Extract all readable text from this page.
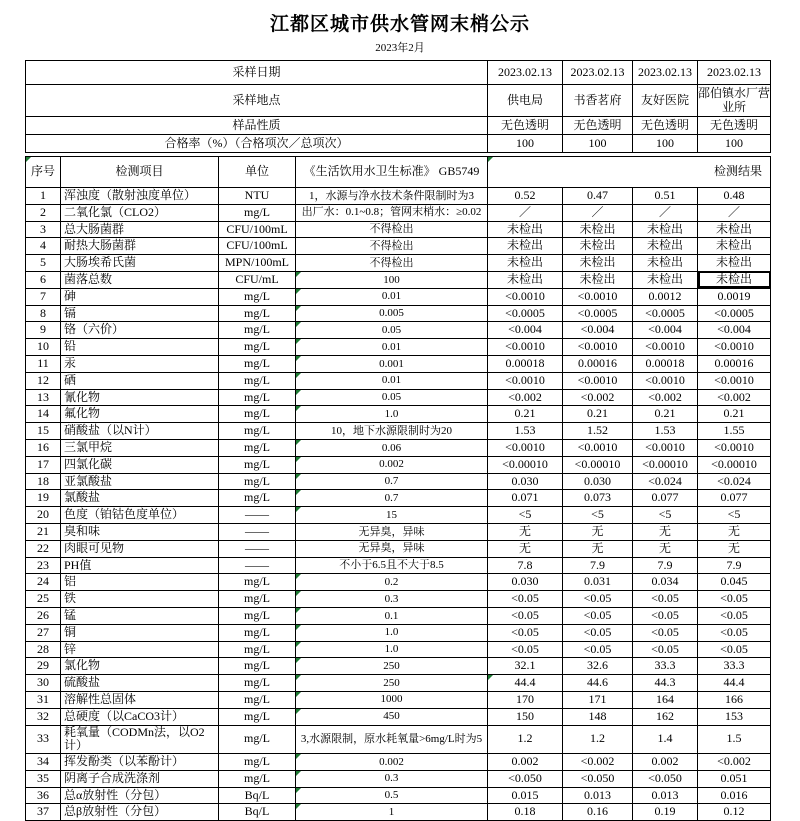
江都区城市供水管网末梢公示
2023年2月
采样日期	2023.02.13	2023.02.13	2023.02.13	2023.02.13
采样地点	供电局	书香茗府	友好医院	邵伯镇水厂营业所
样品性质	无色透明	无色透明	无色透明	无色透明
合格率（%）（合格项次／总项次）	100	100	100	100
序号	检测项目	单位	《生活饮用水卫生标准》 GB5749	检测结果			
1	浑浊度（散射浊度单位）	NTU	1，水源与净水技术条件限制时为3	0.52	0.47	0.51	0.48
2	二氧化氯（CLO2）	mg/L	出厂水：0.1~0.8；管网末梢水：≥0.02	／	／	／	／
3	总大肠菌群	CFU/100mL	不得检出	未检出	未检出	未检出	未检出
4	耐热大肠菌群	CFU/100mL	不得检出	未检出	未检出	未检出	未检出
5	大肠埃希氏菌	MPN/100mL	不得检出	未检出	未检出	未检出	未检出
6	菌落总数	CFU/mL	100	未检出	未检出	未检出	未检出
7	砷	mg/L	0.01	<0.0010	<0.0010	0.0012	0.0019
8	镉	mg/L	0.005	<0.0005	<0.0005	<0.0005	<0.0005
9	铬（六价）	mg/L	0.05	<0.004	<0.004	<0.004	<0.004
10	铅	mg/L	0.01	<0.0010	<0.0010	<0.0010	<0.0010
11	汞	mg/L	0.001	0.00018	0.00016	0.00018	0.00016
12	硒	mg/L	0.01	<0.0010	<0.0010	<0.0010	<0.0010
13	氰化物	mg/L	0.05	<0.002	<0.002	<0.002	<0.002
14	氟化物	mg/L	1.0	0.21	0.21	0.21	0.21
15	硝酸盐（以N计）	mg/L	10，地下水源限制时为20	1.53	1.52	1.53	1.55
16	三氯甲烷	mg/L	0.06	<0.0010	<0.0010	<0.0010	<0.0010
17	四氯化碳	mg/L	0.002	<0.00010	<0.00010	<0.00010	<0.00010
18	亚氯酸盐	mg/L	0.7	0.030	0.030	<0.024	<0.024
19	氯酸盐	mg/L	0.7	0.071	0.073	0.077	0.077
20	色度（铂钴色度单位）	——	15	<5	<5	<5	<5
21	臭和味	——	无异臭，异味	无	无	无	无
22	肉眼可见物	——	无异臭，异味	无	无	无	无
23	PH值	——	不小于6.5且不大于8.5	7.8	7.9	7.9	7.9
24	铝	mg/L	0.2	0.030	0.031	0.034	0.045
25	铁	mg/L	0.3	<0.05	<0.05	<0.05	<0.05
26	锰	mg/L	0.1	<0.05	<0.05	<0.05	<0.05
27	铜	mg/L	1.0	<0.05	<0.05	<0.05	<0.05
28	锌	mg/L	1.0	<0.05	<0.05	<0.05	<0.05
29	氯化物	mg/L	250	32.1	32.6	33.3	33.3
30	硫酸盐	mg/L	250	44.4	44.6	44.3	44.4
31	溶解性总固体	mg/L	1000	170	171	164	166
32	总硬度（以CaCO3计）	mg/L	450	150	148	162	153
33	耗氧量（CODMn法，以O2计）	mg/L	3,水源限制，原水耗氧量>6mg/L时为5	1.2	1.2	1.4	1.5
34	挥发酚类（以苯酚计）	mg/L	0.002	0.002	<0.002	0.002	<0.002
35	阴离子合成洗涤剂	mg/L	0.3	<0.050	<0.050	<0.050	0.051
36	总α放射性（分包）	Bq/L	0.5	0.015	0.013	0.013	0.016
37	总β放射性（分包）	Bq/L	1	0.18	0.16	0.19	0.12
